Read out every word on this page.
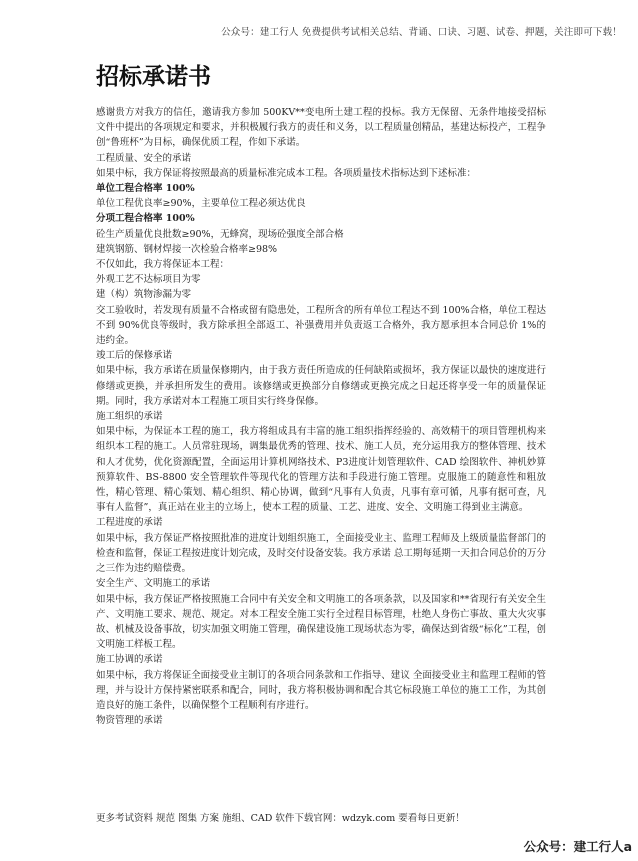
公众号：建工行人 免费提供考试相关总结、背诵、口诀、习题、试卷、押题，关注即可下载！
招标承诺书

感谢贵方对我方的信任，邀请我方参加 500KV**变电所土建工程的投标。我方无保留、无条件地接受招标文件中提出的各项规定和要求，并积极履行我方的责任和义务，以工程质量创精品，基建达标投产，工程争创“鲁班杯”为目标，确保优质工程，作如下承诺。

工程质量、安全的承诺

如果中标，我方保证将按照最高的质量标准完成本工程。各项质量技术指标达到下述标准：

单位工程合格率 100%

单位工程优良率≥90%，主要单位工程必须达优良

分项工程合格率 100%

砼生产质量优良批数≥90%，无蜂窝，现场砼强度全部合格

建筑钢筋、钢材焊接一次检验合格率≥98%

不仅如此，我方将保证本工程：

外观工艺不达标项目为零

建（构）筑物渗漏为零

交工验收时，若发现有质量不合格或留有隐患处，工程所含的所有单位工程达不到 100%合格，单位工程达不到 90%优良等级时，我方除承担全部返工、补强费用并负责返工合格外，我方愿承担本合同总价 1%的违约金。

竣工后的保修承诺

如果中标，我方承诺在质量保修期内，由于我方责任所造成的任何缺陷或损坏，我方保证以最快的速度进行修缮或更换，并承担所发生的费用。该修缮或更换部分自修缮或更换完成之日起还将享受一年的质量保证期。同时，我方承诺对本工程施工项目实行终身保修。

施工组织的承诺

如果中标，为保证本工程的施工，我方将组成具有丰富的施工组织指挥经验的、高效精干的项目管理机构来组织本工程的施工。人员常驻现场，调集最优秀的管理、技术、施工人员，充分运用我方的整体管理、技术和人才优势，优化资源配置，全面运用计算机网络技术、P3进度计划管理软件、CAD 绘图软件、神机妙算预算软件、BS-8800 安全管理软件等现代化的管理方法和手段进行施工管理。克服施工的随意性和粗放性，精心管理、精心策划、精心组织、精心协调，做到“凡事有人负责，凡事有章可循，凡事有据可查，凡事有人监督”，真正站在业主的立场上，使本工程的质量、工艺、进度、安全、文明施工得到业主满意。

工程进度的承诺

如果中标，我方保证严格按照批准的进度计划组织施工，全面接受业主、监理工程师及上级质量监督部门的检查和监督，保证工程按进度计划完成，及时交付设备安装。我方承诺 总工期每延期一天扣合同总价的万分之三作为违约赔偿费。

安全生产、文明施工的承诺

如果中标，我方保证严格按照施工合同中有关安全和文明施工的各项条款，以及国家和**省现行有关安全生产、文明施工要求、规范、规定。对本工程安全施工实行全过程目标管理，杜绝人身伤亡事故、重大火灾事故、机械及设备事故，切实加强文明施工管理，确保建设施工现场状态为零，确保达到省级“标化”工程，创文明施工样板工程。

施工协调的承诺

如果中标，我方将保证全面接受业主制订的各项合同条款和工作指导、建议 全面接受业主和监理工程师的管理，并与设计方保持紧密联系和配合，同时，我方将积极协调和配合其它标段施工单位的施工工作，为其创造良好的施工条件，以确保整个工程顺利有序进行。

物资管理的承诺

更多考试资料 规范 图集 方案 施组、CAD 软件下载官网：wdzyk.com 要看每日更新！
公众号：建工行人a
